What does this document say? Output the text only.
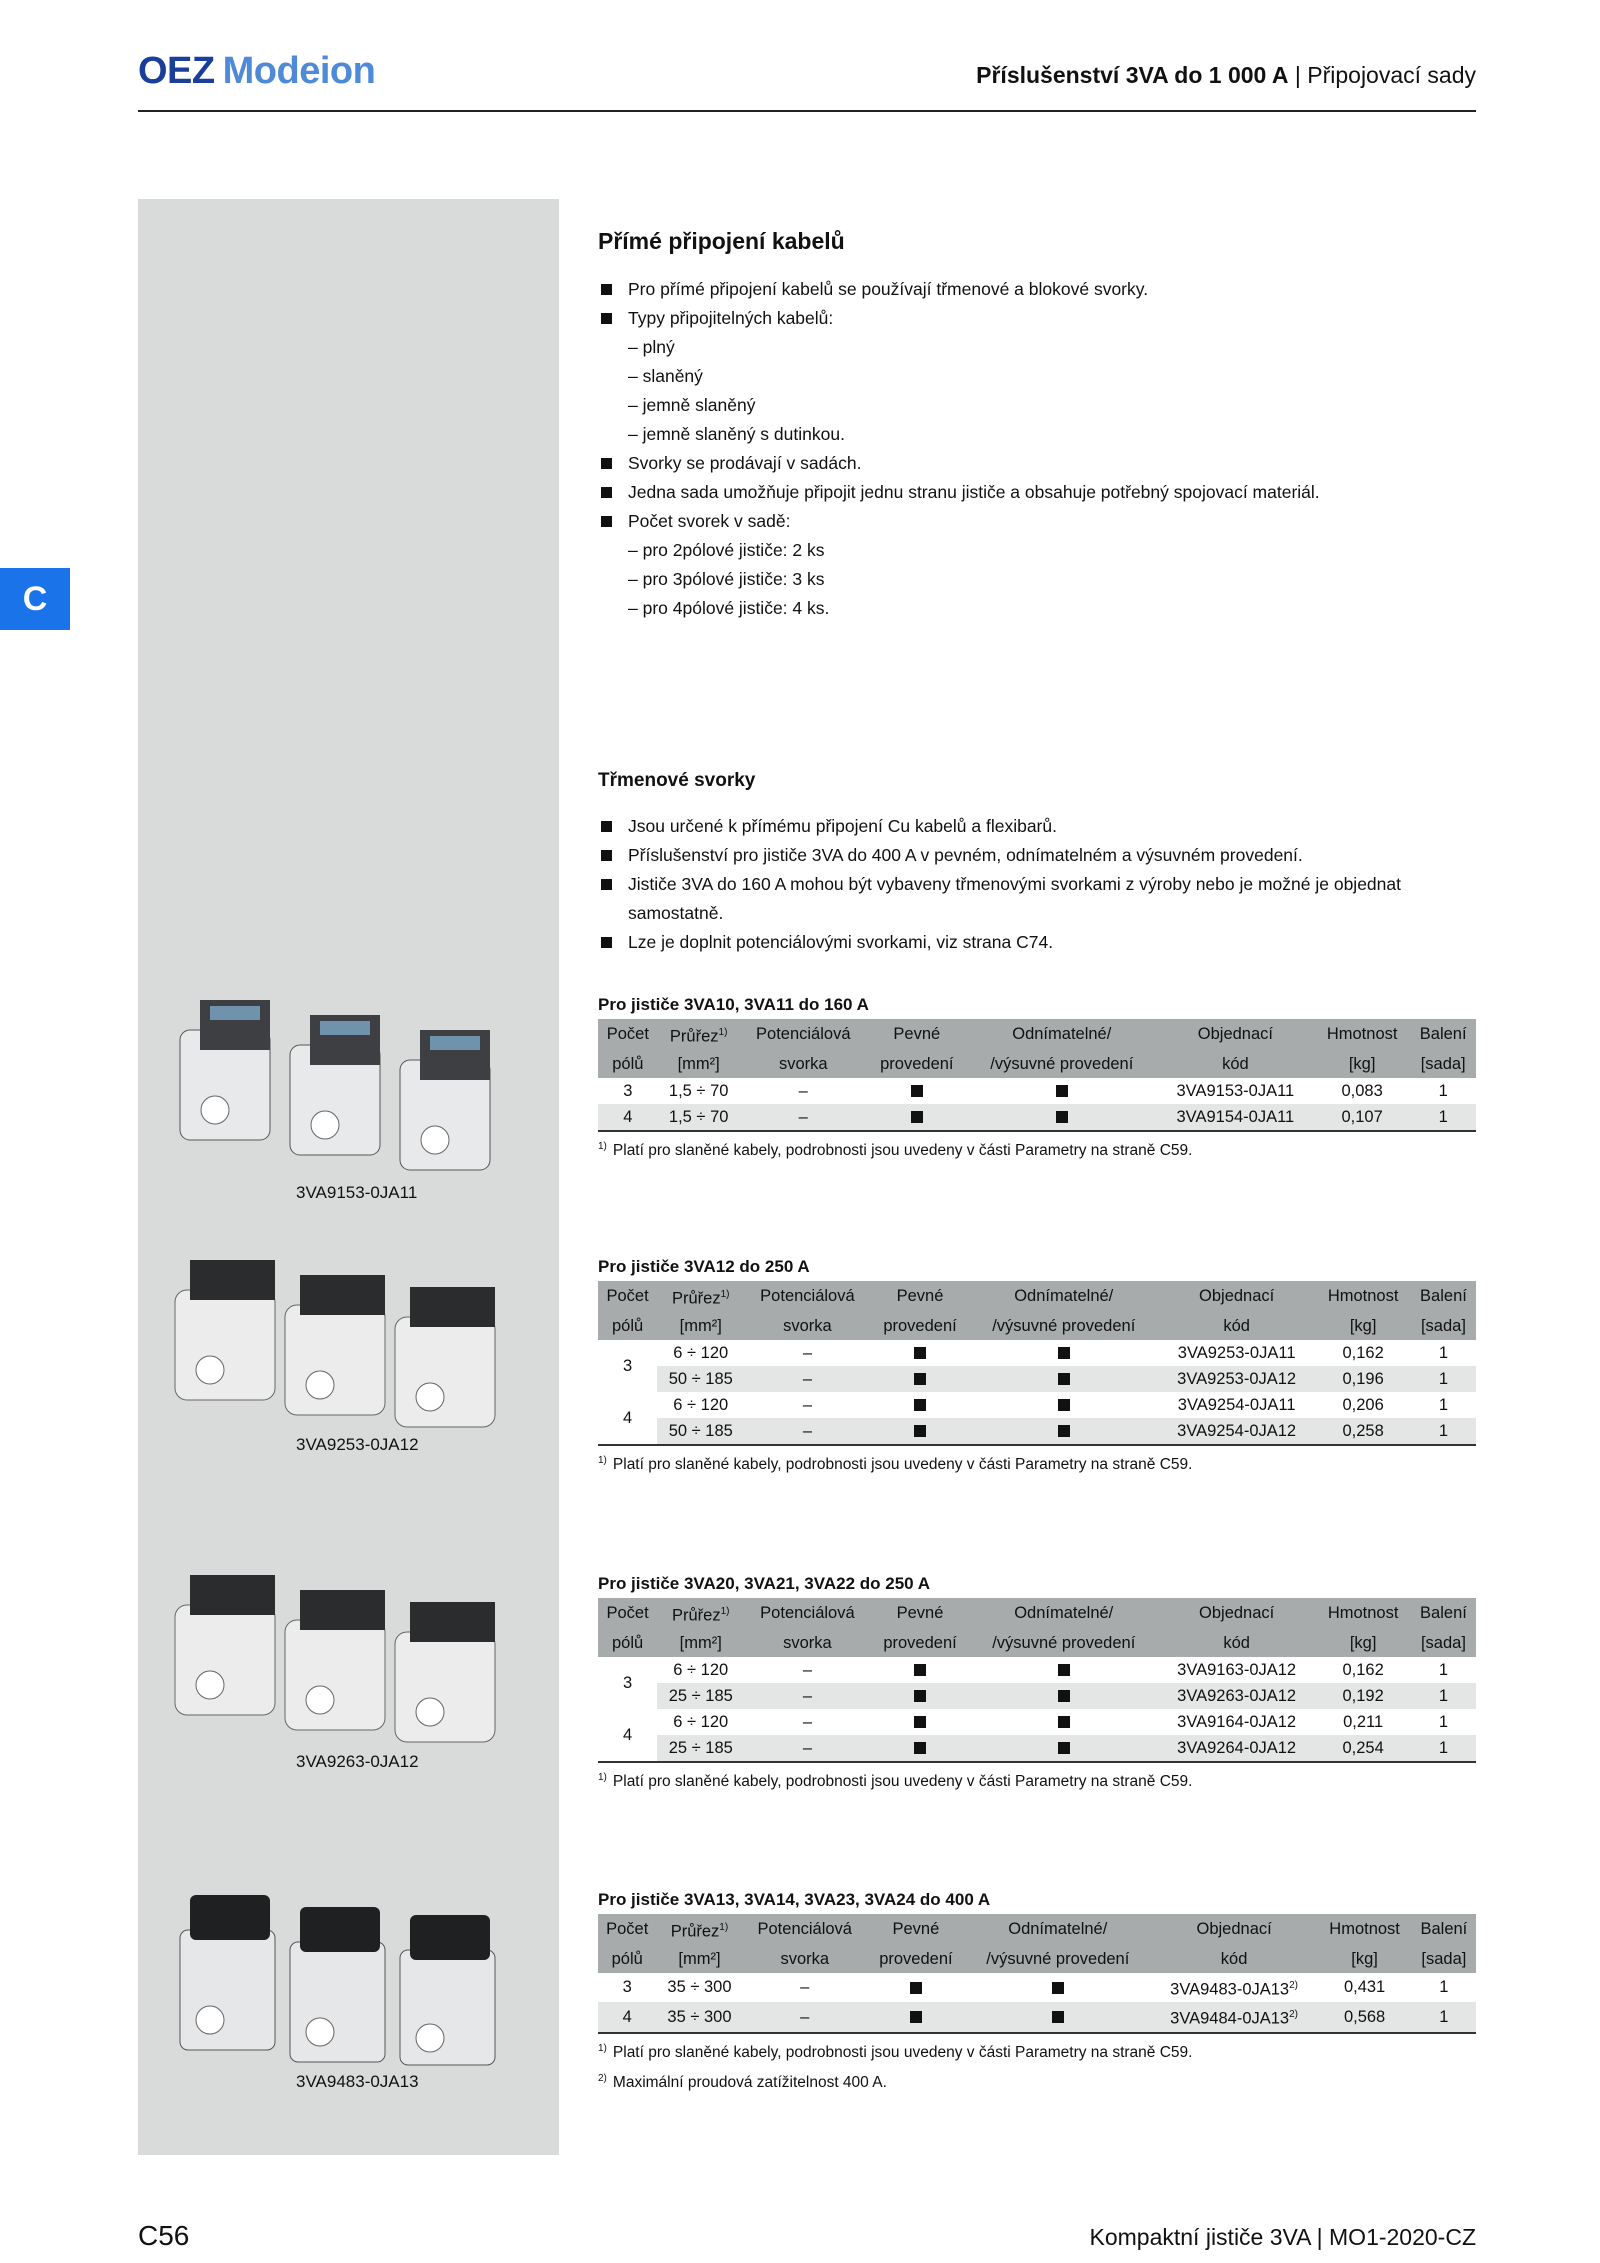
OEZ Modeion	Příslušenství 3VA do 1 000 A | Připojovací sady
C
Přímé připojení kabelů
Pro přímé připojení kabelů se používají třmenové a blokové svorky.
Typy připojitelných kabelů:
– plný
– slaněný
– jemně slaněný
– jemně slaněný s dutinkou.
Svorky se prodávají v sadách.
Jedna sada umožňuje připojit jednu stranu jističe a obsahuje potřebný spojovací materiál.
Počet svorek v sadě:
– pro 2pólové jističe: 2 ks
– pro 3pólové jističe: 3 ks
– pro 4pólové jističe: 4 ks.
Třmenové svorky
Jsou určené k přímému připojení Cu kabelů a flexibarů.
Příslušenství pro jističe 3VA do 400 A v pevném, odnímatelném a výsuvném provedení.
Jističe 3VA do 160 A mohou být vybaveny třmenovými svorkami z výroby nebo je možné je objednat samostatně.
Lze je doplnit potenciálovými svorkami, viz strana C74.
3VA9153-0JA11
3VA9253-0JA12
3VA9263-0JA12
3VA9483-0JA13
Pro jističe 3VA10, 3VA11 do 160 A
Počet	Průřez$^{1)}$	Potenciálová	Pevné	Odnímatelné/	Objednací	Hmotnost	Balení
pólů	[mm²]	svorka	provedení	/výsuvné provedení	kód	[kg]	[sada]
3	1,5 ÷ 70	–			3VA9153-0JA11	0,083	1
4	1,5 ÷ 70	–			3VA9154-0JA11	0,107	1
$^{1)}$ Platí pro slaněné kabely, podrobnosti jsou uvedeny v části Parametry na straně C59.
Pro jističe 3VA12 do 250 A
Počet	Průřez$^{1)}$	Potenciálová	Pevné	Odnímatelné/	Objednací	Hmotnost	Balení
pólů	[mm²]	svorka	provedení	/výsuvné provedení	kód	[kg]	[sada]
3	6 ÷ 120	–			3VA9253-0JA11	0,162	1
	50 ÷ 185	–			3VA9253-0JA12	0,196	1
4	6 ÷ 120	–			3VA9254-0JA11	0,206	1
	50 ÷ 185	–			3VA9254-0JA12	0,258	1
$^{1)}$ Platí pro slaněné kabely, podrobnosti jsou uvedeny v části Parametry na straně C59.
Pro jističe 3VA20, 3VA21, 3VA22 do 250 A
Počet	Průřez$^{1)}$	Potenciálová	Pevné	Odnímatelné/	Objednací	Hmotnost	Balení
pólů	[mm²]	svorka	provedení	/výsuvné provedení	kód	[kg]	[sada]
3	6 ÷ 120	–			3VA9163-0JA12	0,162	1
	25 ÷ 185	–			3VA9263-0JA12	0,192	1
4	6 ÷ 120	–			3VA9164-0JA12	0,211	1
	25 ÷ 185	–			3VA9264-0JA12	0,254	1
$^{1)}$ Platí pro slaněné kabely, podrobnosti jsou uvedeny v části Parametry na straně C59.
Pro jističe 3VA13, 3VA14, 3VA23, 3VA24 do 400 A
Počet	Průřez$^{1)}$	Potenciálová	Pevné	Odnímatelné/	Objednací	Hmotnost	Balení
pólů	[mm²]	svorka	provedení	/výsuvné provedení	kód	[kg]	[sada]
3	35 ÷ 300	–			3VA9483-0JA13$^{2)}$	0,431	1
4	35 ÷ 300	–			3VA9484-0JA13$^{2)}$	0,568	1
$^{1)}$ Platí pro slaněné kabely, podrobnosti jsou uvedeny v části Parametry na straně C59.
$^{2)}$ Maximální proudová zatížitelnost 400 A.
C56	Kompaktní jističe 3VA | MO1-2020-CZ
